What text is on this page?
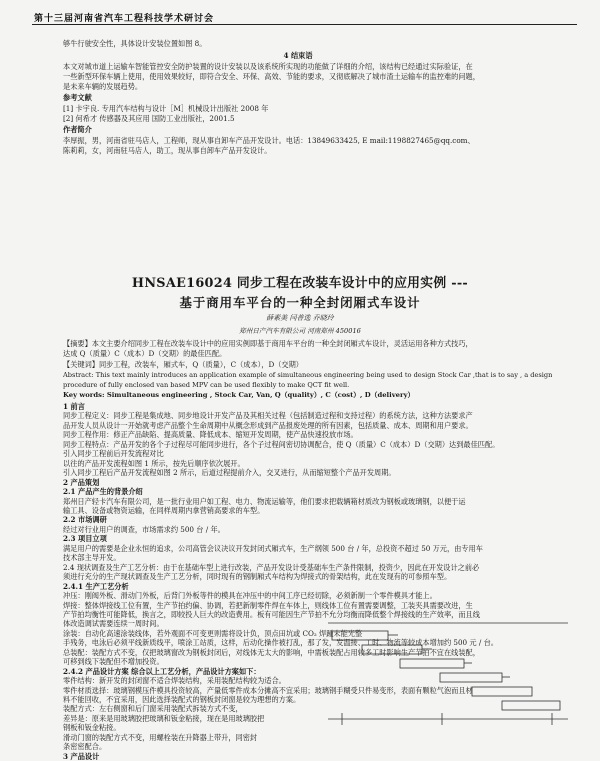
第十三届河南省汽车工程科技学术研讨会
够牛行驶安全性，具体设计安装位置如图 8。
4 结束语
本文对城市道上运输车智能管控安全防护装置的设计安装以及该系统所实现的功能做了详细的介绍，该结构已经通过实际验证，在
一些新型环保车辆上使用，使用效果较好，即符合安全、环保、高效、节能的要求，又彻底解决了城市渣土运输车的监控难的问题，
是未来车辆的发展趋势。
参考文献
[1] 卡宇良. 专用汽车结构与设计［M］机械设计出版社 2008 年
[2] 何希才 传感器及其应用 国防工业出版社，2001.5
作者简介
李厚振，男，河南省驻马店人，工程师，现从事自卸车产品开发设计。电话：13849633425, E mail:1198827465@qq.com、
陈莉莉，女，河南驻马店人，助工，现从事自卸车产品开发设计。
HNSAE16024 同步工程在改装车设计中的应用实例 ---
基于商用车平台的一种全封闭厢式车设计
薛素美 闫普选 乔晓玲
郑州日产汽车有限公司 河南郑州 450016
【摘要】本文主要介绍同步工程在改装车设计中的应用实例即基于商用车平台的一种全封闭厢式车设计，灵活运用各种方式技巧，
达成 Q（质量）C（成本）D（交期）的最佳匹配。
【关键词】同步工程，改装车，厢式车，Q（质量），C（成本），D（交期）
Abstract: This text mainly introduces an application example of simultaneous engineering being used to design Stock Car ,that is to say , a design
procedure of fully enclosed van based MPV can be used flexibly to make QCT fit well.
Key words: Simultaneous engineering , Stock Car, Van, Q（quality）, C（cost）, D（delivery）
1 前言
同步工程定义：同步工程是集成地、同步地设计开发产品及其相关过程（包括制造过程和支持过程）的系统方法，这种方法要求产
品开发人员从设计一开始就考虑产品整个生命周期中从概念形成到产品报废处理的所有因素，包括质量、成本、周期和用户要求。
同步工程作用：修正产品缺陷、提高质量、降低成本、缩短开发周期，使产品快速投放市场。
同步工程特点：产品开发的各个子过程尽可能同步进行，各个子过程间密切协调配合，使 Q（质量）C（成本）D（交期）达到最佳匹配。
引入同步工程前后开发流程对比
以往的产品开发流程如图 1 所示，按先后顺序依次展开。
引入同步工程后产品开发流程如图 2 所示，后道过程提前介入，交叉进行，从而缩短整个产品开发周期。
2 产品策划
2.1 产品产生的背景介绍
郑州日产轻卡汽车有限公司，是一批行业用户如工程、电力、物流运输等，他们要求把载辆箱材质改为钢板或玻璃钢，以便于运
输工具、设备或物资运输，在同样周期内拿营销高要求的车型。
2.2 市场调研
经过对行业用户的调查，市场需求约 500 台 / 年。
2.3 项目立项
满足用户的需要是企业永恒的追求，公司高管会议决议开发封闭式厢式车，生产纲领 500 台 / 年，总投资不超过 50 万元，由专用车
技术部主导开发。
2.4 现状调查及生产工艺分析：由于在基础车型上进行改装，产品开发设计受基础车生产条件限制，投资少，因此在开发设计之前必
须进行充分的生产现状调查及生产工艺分析，同时现有的钢制厢式车结构为焊接式的骨架结构，此在发现有的可参照车型。
2.4.1 生产工艺分析
冲压：刚阀外板、滑动门外板，后背门外板等件的模具在冲压中的中间工序已经切除，必须新制一个零件模具才能上。
焊接：整体焊接线工位有置，生产节拍约偏、协调，若把新制零件焊在车体上，则线体工位有置需要调整，工装夹具需要改进，生
产节拍均衡性可能降低，换言之，即较投人巨大的改造费用。板有可能因生产节拍不允分均衡而降低整个焊接线的生产效率，而且线
体改造调试需要连续一周时间。
涂装：自动化高速涂装线体，若外观面不可变更则需将设计负，顶点田坑或 CO₂ 焊踵未能光整
手残务，电泳后必须平线新质线平，喷涂工站质，这样，后动化操作被打乱，那了发，发温接、工时、物流等较成本增加约 500 元 / 台。
总装配：装配方式不变，仅把玻璃窗改为钢板封闭后，对线体无太大的影响，中需板装配占用较多工时影响生产节拍不宜在线装配，
可移到线下装配但不增加投资。
2.4.2 产品设计方案 综合以上工艺分析，产品设计方案如下：
零件结构：新开发的封闭窗不适合焊装结构，采用装配结构较为适合。
零件材质选择：玻璃钢模压件模具投资较高，产量低零件成本分摊高不宜采用；玻璃钢手糊受只件易变形，表面有颗粒气泡而且材
料不能回收，不宜采用，因此选择装配式的钢板封闭窗是较为理想的方案。
装配方式：左右侧窗和后门窗采用装配式拆装方式不变，
差异是：原来是用玻璃胶把玻璃和钣金粘接，现在是用玻璃胶把
钢板和钣金粘接。
滑动门窗的装配方式不变，用螺栓装在升降器上带升，同密封
条密密配合。
3 产品设计
